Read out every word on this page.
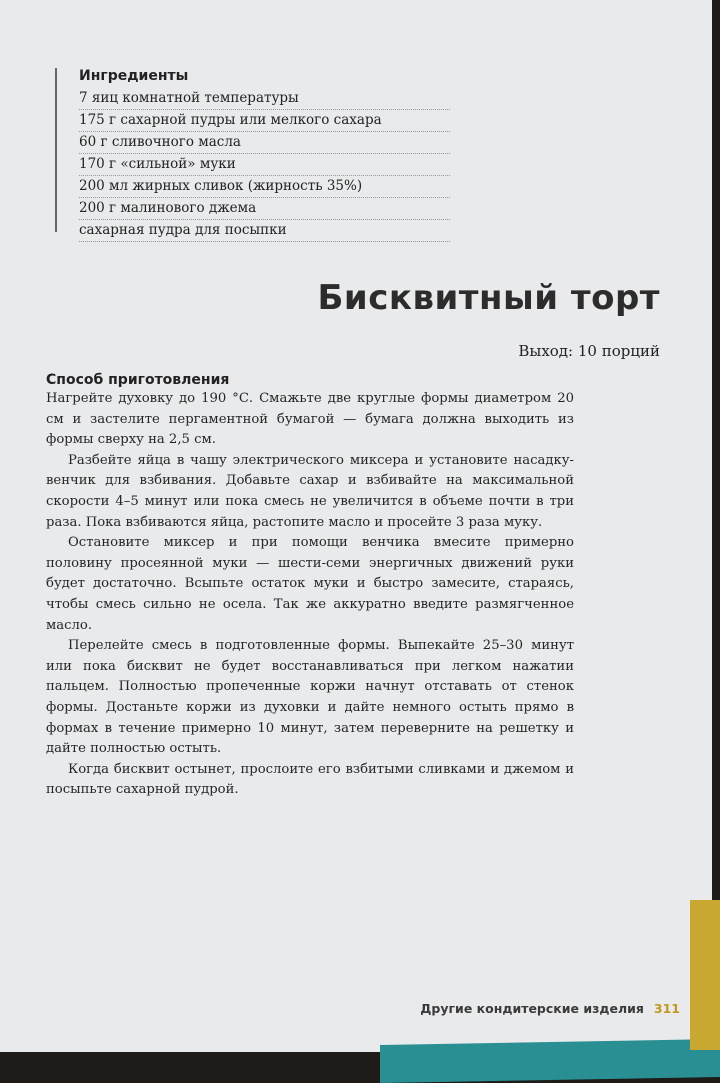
Ингредиенты
7 яиц комнатной температуры
175 г сахарной пудры или мелкого сахара
60 г сливочного масла
170 г «сильной» муки
200 мл жирных сливок (жирность 35%)
200 г малинового джема
сахарная пудра для посыпки
Бисквитный торт
Выход: 10 порций
Способ приготовления

Нагрейте духовку до 190 °С. Смажьте две круглые формы диаметром 20 см и застелите пергаментной бумагой — бумага должна выходить из формы сверху на 2,5 см.

Разбейте яйца в чашу электрического миксера и установите насадку-венчик для взбивания. Добавьте сахар и взбивайте на максимальной скорости 4–5 минут или пока смесь не увеличится в объеме почти в три раза. Пока взбиваются яйца, растопите масло и просейте 3 раза муку.

Остановите миксер и при помощи венчика вмесите примерно половину просеянной муки — шести-семи энергичных движений руки будет достаточно. Всыпьте остаток муки и быстро замесите, стараясь, чтобы смесь сильно не осела. Так же аккуратно введите размягченное масло.

Перелейте смесь в подготовленные формы. Выпекайте 25–30 минут или пока бисквит не будет восстанавливаться при легком нажатии пальцем. Полностью пропеченные коржи начнут отставать от стенок формы. Достаньте коржи из духовки и дайте немного остыть прямо в формах в течение примерно 10 минут, затем переверните на решетку и дайте полностью остыть.

Когда бисквит остынет, прослоите его взбитыми сливками и джемом и посыпьте сахарной пудрой.

Другие кондитерские изделия 311
